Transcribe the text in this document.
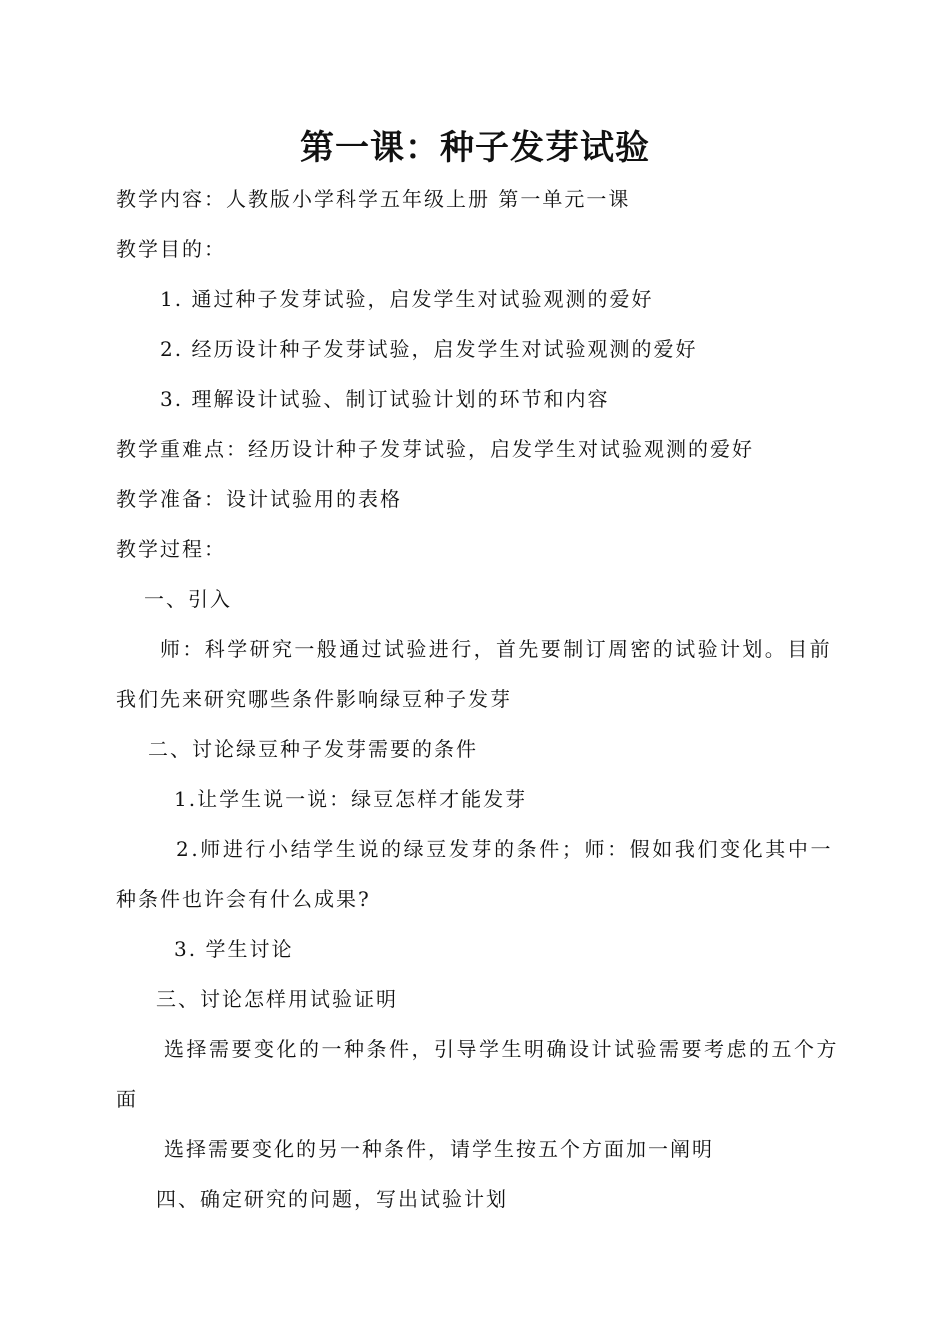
第一课：种子发芽试验
教学内容：人教版小学科学五年级上册 第一单元一课
教学目的：
1. 通过种子发芽试验，启发学生对试验观测的爱好
2. 经历设计种子发芽试验，启发学生对试验观测的爱好
3. 理解设计试验、制订试验计划的环节和内容
教学重难点：经历设计种子发芽试验，启发学生对试验观测的爱好
教学准备：设计试验用的表格
教学过程：
一、引入
师：科学研究一般通过试验进行，首先要制订周密的试验计划。目前
我们先来研究哪些条件影响绿豆种子发芽
二、讨论绿豆种子发芽需要的条件
1.让学生说一说：绿豆怎样才能发芽
2.师进行小结学生说的绿豆发芽的条件；师：假如我们变化其中一
种条件也许会有什么成果?
3. 学生讨论
三、讨论怎样用试验证明
选择需要变化的一种条件，引导学生明确设计试验需要考虑的五个方
面
选择需要变化的另一种条件，请学生按五个方面加一阐明
四、确定研究的问题，写出试验计划
